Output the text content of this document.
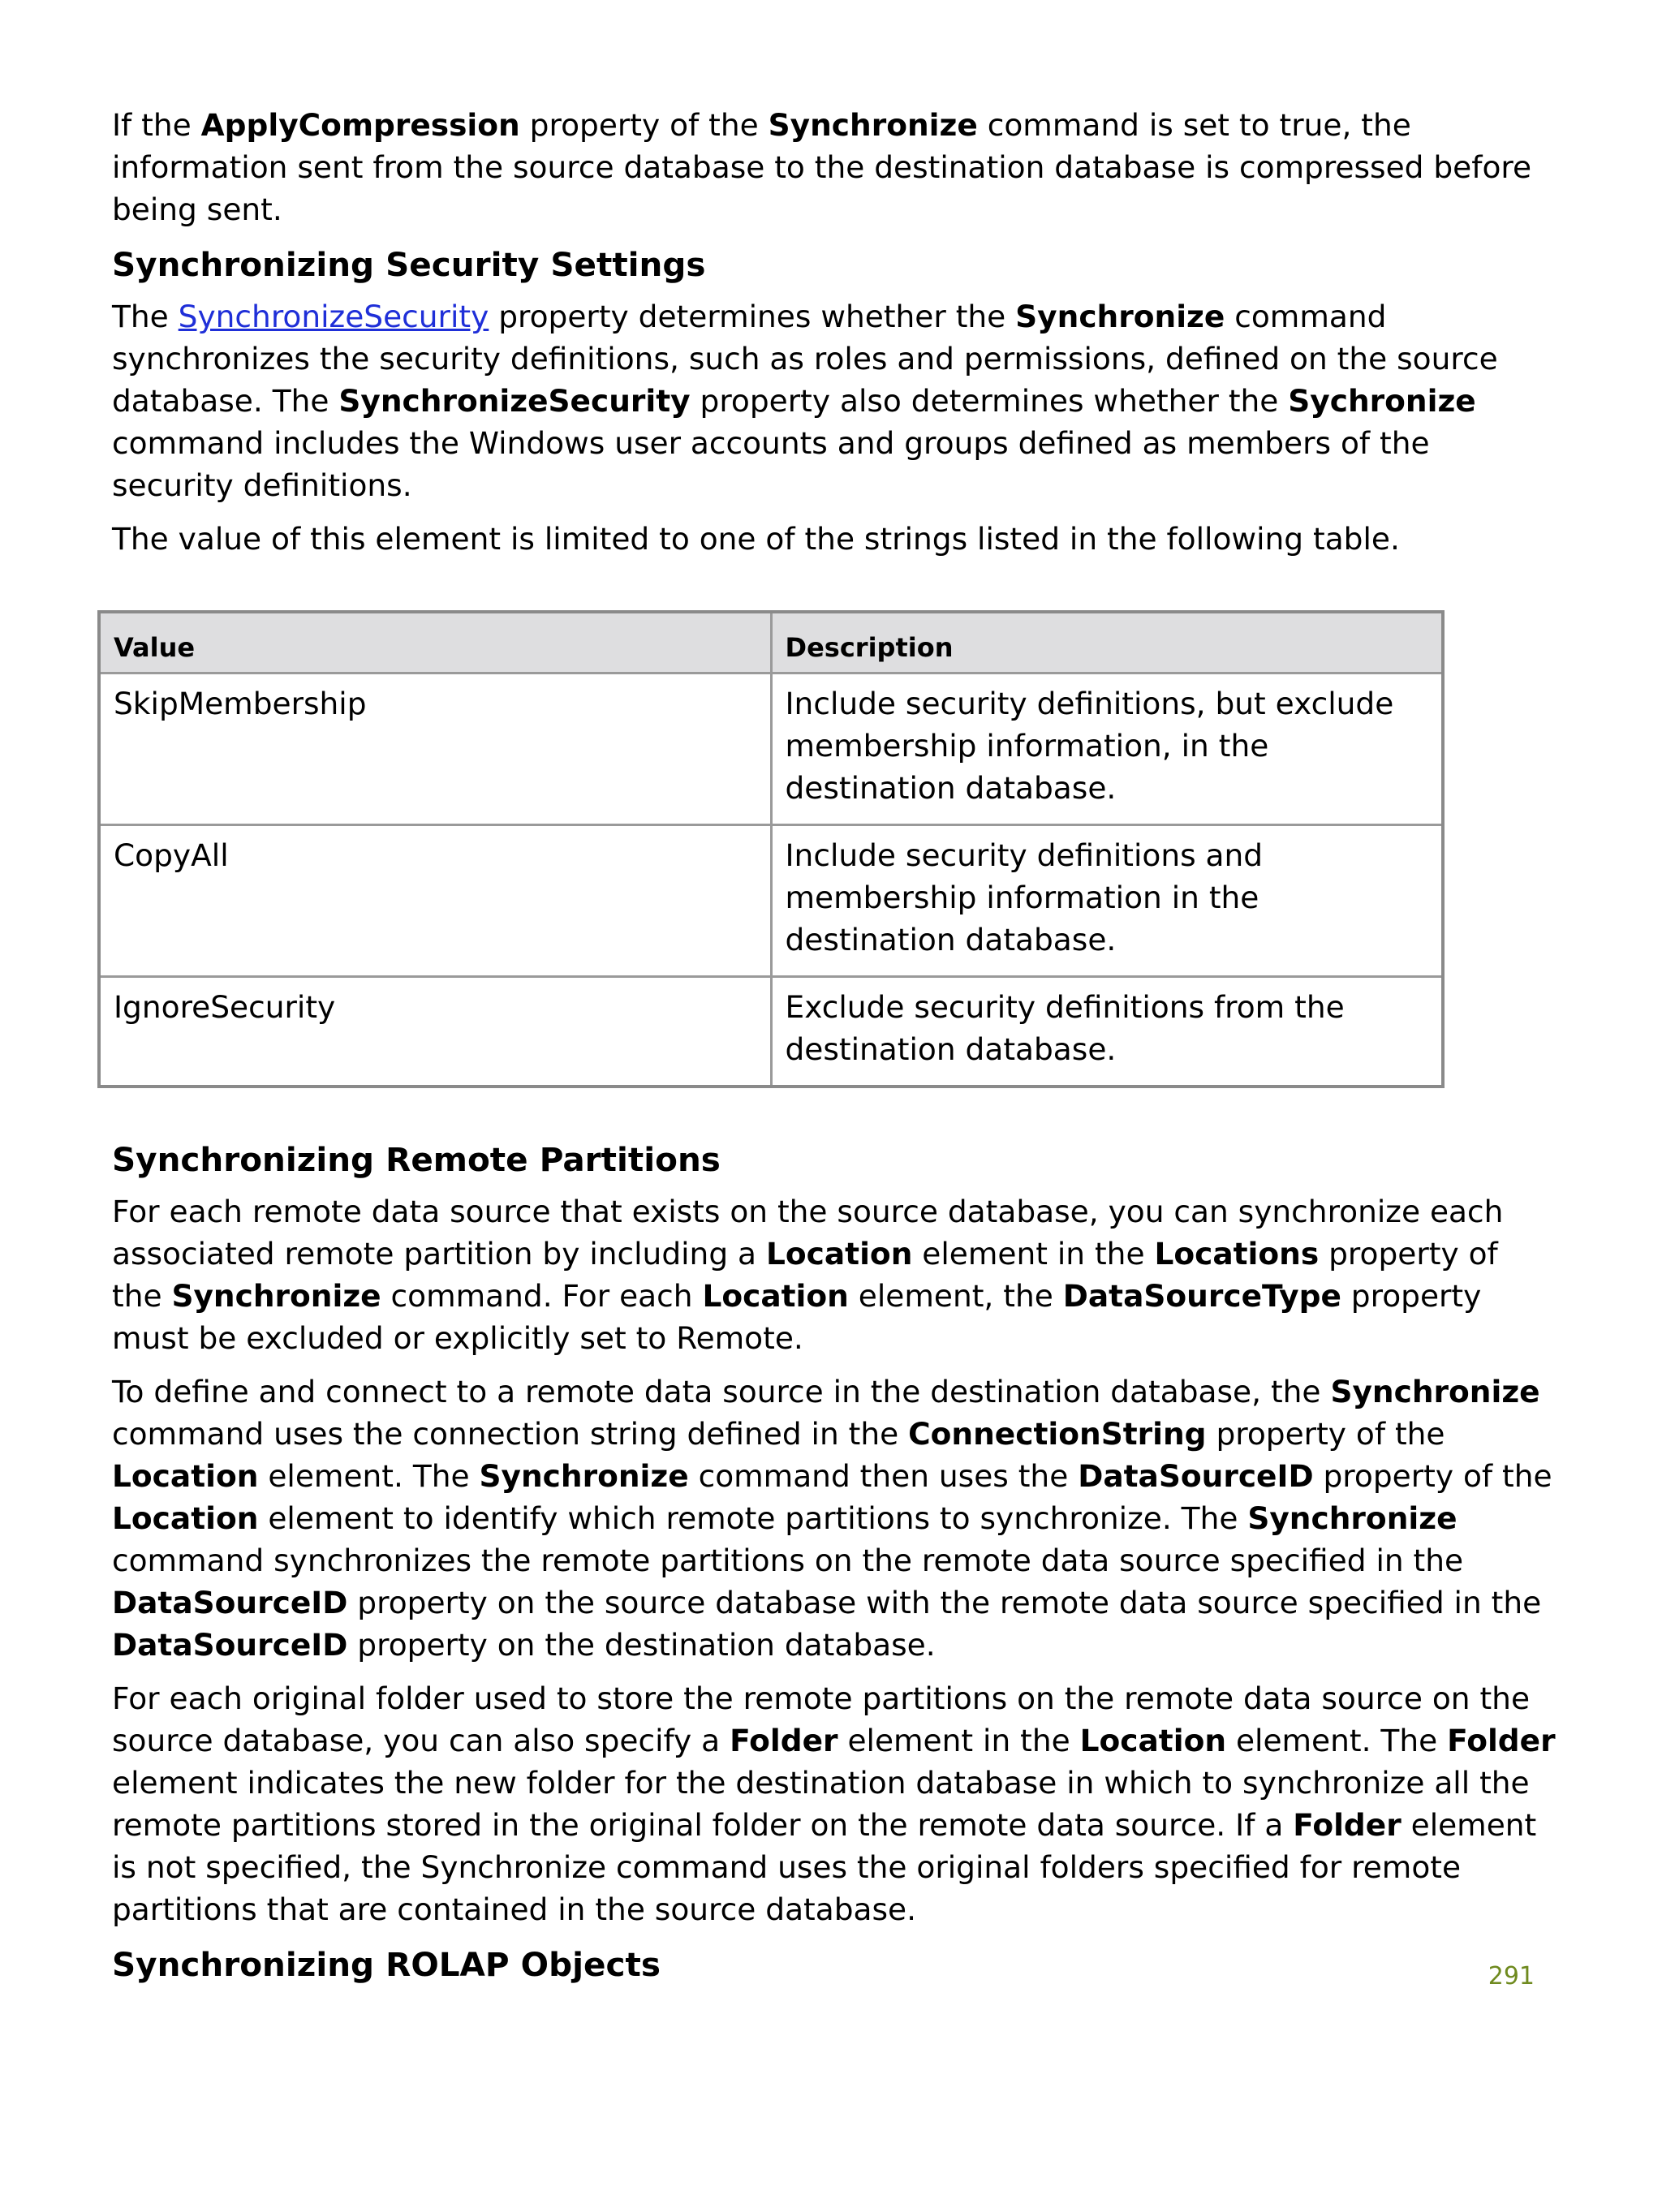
If the ApplyCompression property of the Synchronize command is set to true, the information sent from the source database to the destination database is compressed before being sent.

Synchronizing Security Settings

The SynchronizeSecurity property determines whether the Synchronize command synchronizes the security definitions, such as roles and permissions, defined on the source database. The SynchronizeSecurity property also determines whether the Sychronize command includes the Windows user accounts and groups defined as members of the security definitions.

The value of this element is limited to one of the strings listed in the following table.

Value	Description
SkipMembership	Include security definitions, but exclude membership information, in the destination database.
CopyAll	Include security definitions and membership information in the destination database.
IgnoreSecurity	Exclude security definitions from the destination database.
Synchronizing Remote Partitions

For each remote data source that exists on the source database, you can synchronize each associated remote partition by including a Location element in the Locations property of the Synchronize command. For each Location element, the DataSourceType property must be excluded or explicitly set to Remote.

To define and connect to a remote data source in the destination database, the Synchronize command uses the connection string defined in the ConnectionString property of the Location element. The Synchronize command then uses the DataSourceID property of the Location element to identify which remote partitions to synchronize. The Synchronize command synchronizes the remote partitions on the remote data source specified in the DataSourceID property on the source database with the remote data source specified in the DataSourceID property on the destination database.

For each original folder used to store the remote partitions on the remote data source on the source database, you can also specify a Folder element in the Location element. The Folder element indicates the new folder for the destination database in which to synchronize all the remote partitions stored in the original folder on the remote data source. If a Folder element is not specified, the Synchronize command uses the original folders specified for remote partitions that are contained in the source database.

Synchronizing ROLAP Objects	291
